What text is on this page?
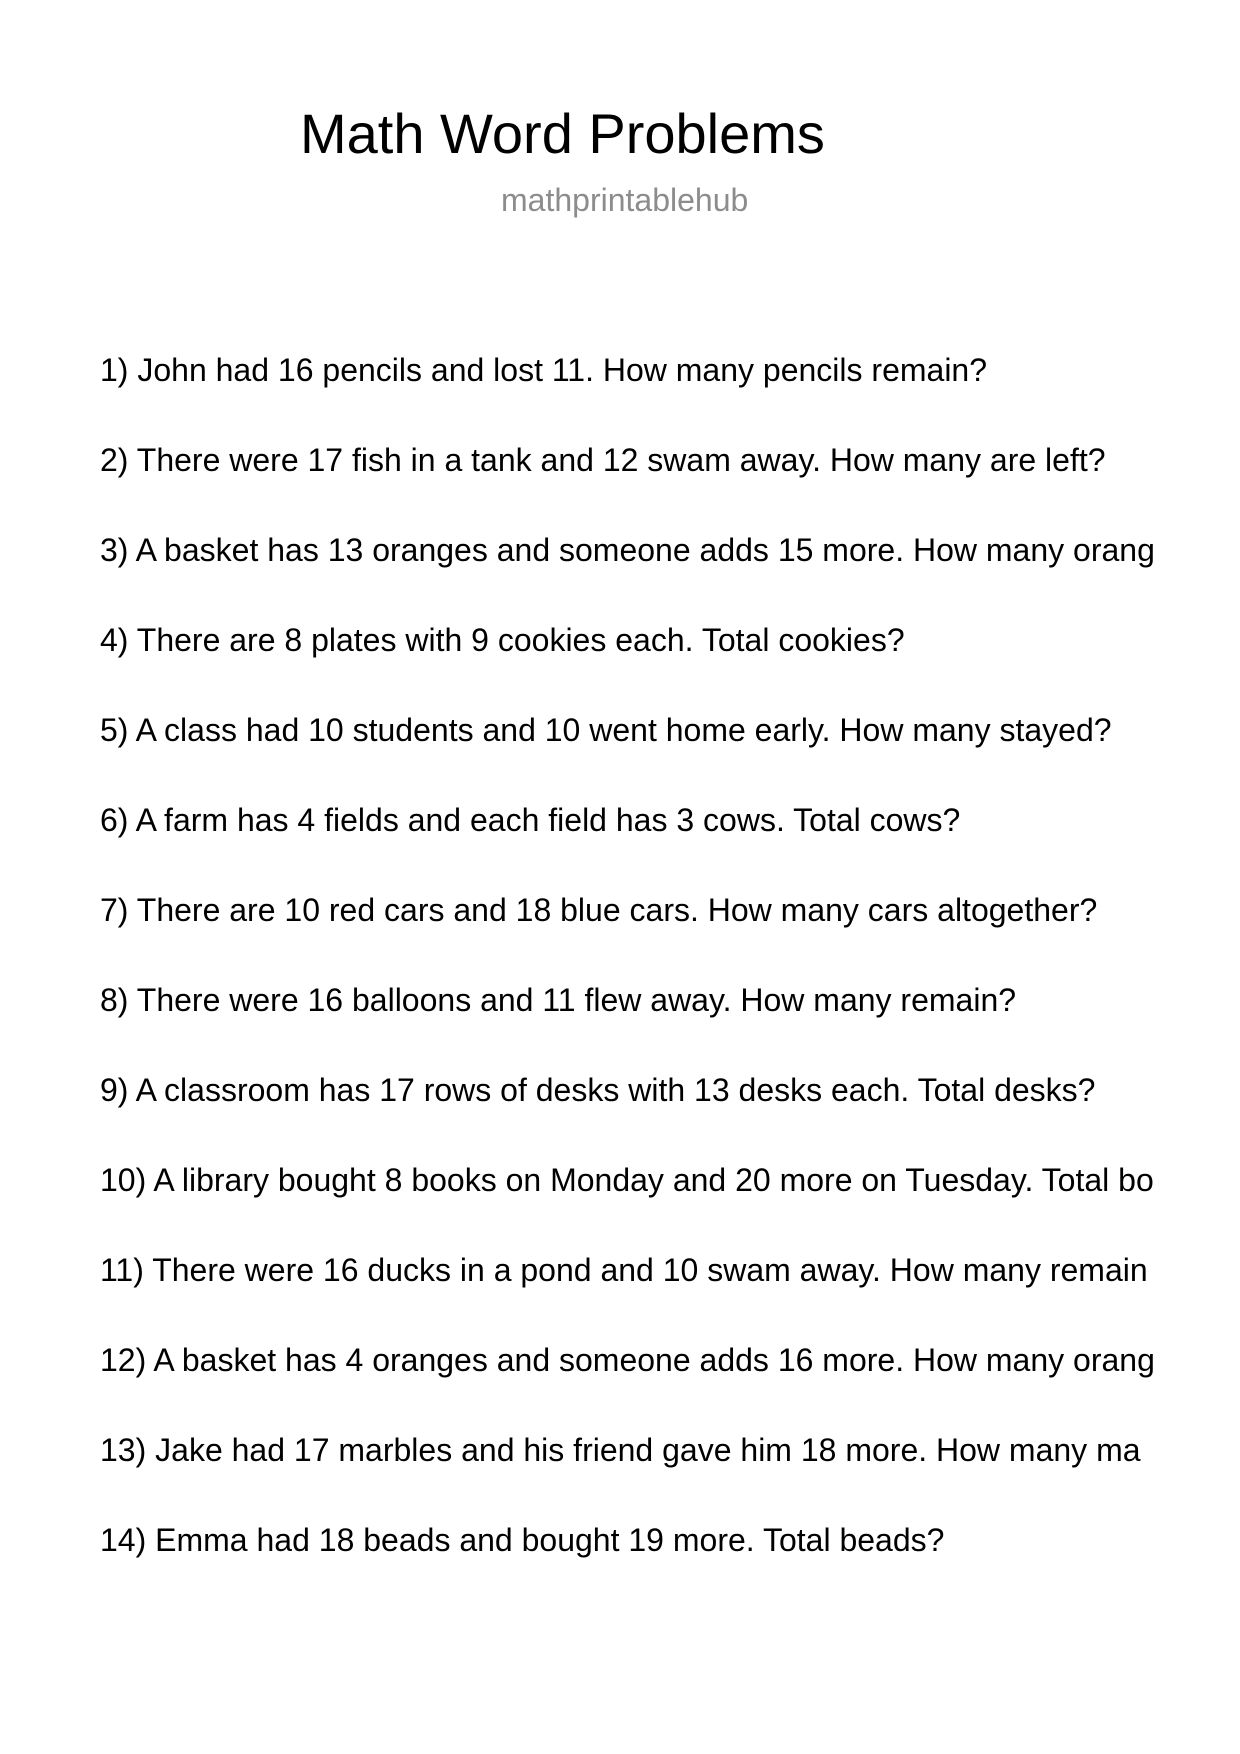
Math Word Problems
mathprintablehub
1) John had 16 pencils and lost 11. How many pencils remain?
2) There were 17 fish in a tank and 12 swam away. How many are left?
3) A basket has 13 oranges and someone adds 15 more. How many orang
4) There are 8 plates with 9 cookies each. Total cookies?
5) A class had 10 students and 10 went home early. How many stayed?
6) A farm has 4 fields and each field has 3 cows. Total cows?
7) There are 10 red cars and 18 blue cars. How many cars altogether?
8) There were 16 balloons and 11 flew away. How many remain?
9) A classroom has 17 rows of desks with 13 desks each. Total desks?
10) A library bought 8 books on Monday and 20 more on Tuesday. Total bo
11) There were 16 ducks in a pond and 10 swam away. How many remain
12) A basket has 4 oranges and someone adds 16 more. How many orang
13) Jake had 17 marbles and his friend gave him 18 more. How many ma
14) Emma had 18 beads and bought 19 more. Total beads?
